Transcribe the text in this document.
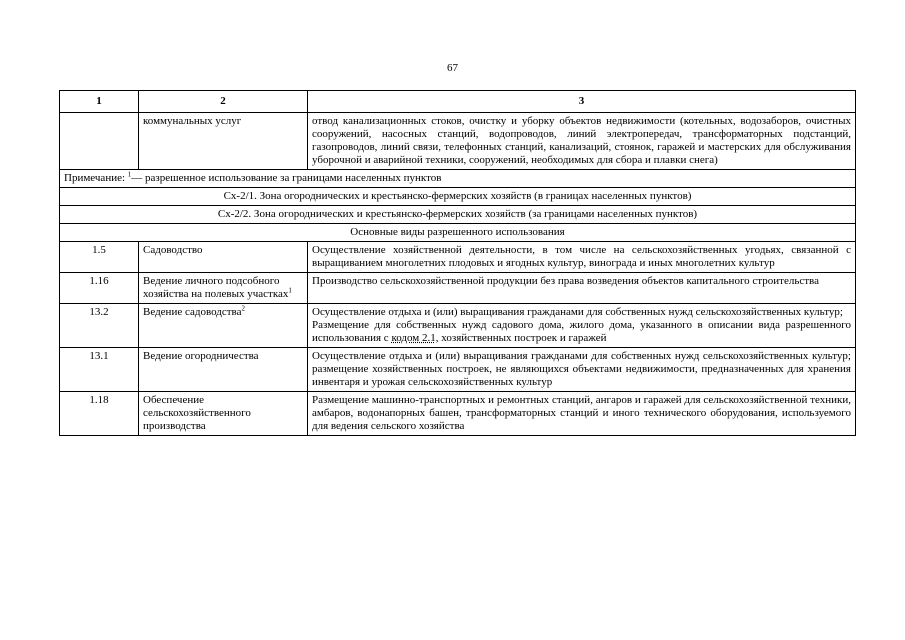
67
1	2	3
	коммунальных услуг	отвод канализационных стоков, очистку и уборку объектов недвижимости (котельных, водозаборов, очистных сооружений, насосных станций, водопроводов, линий электропередач, трансформаторных подстанций, газопроводов, линий связи, телефонных станций, канализаций, стоянок, гаражей и мастерских для обслуживания уборочной и аварийной техники, сооружений, необходимых для сбора и плавки снега)
Примечание: $^1$— разрешенное использование за границами населенных пунктов		
Сх-2/1. Зона огороднических и крестьянско-фермерских хозяйств (в границах населенных пунктов)		
Сх-2/2. Зона огороднических и крестьянско-фермерских хозяйств (за границами населенных пунктов)		
Основные виды разрешенного использования		
1.5	Садоводство	Осуществление хозяйственной деятельности, в том числе на сельскохозяйственных угодьях, связанной с выращиванием многолетних плодовых и ягодных культур, винограда и иных многолетних культур
1.16	Ведение личного подсобного хозяйства на полевых участках$^1$	Производство сельскохозяйственной продукции без права возведения объектов капитального строительства
13.2	Ведение садоводства$^2$	Осуществление отдыха и (или) выращивания гражданами для собственных нужд сельскохозяйственных культур;
Размещение для собственных нужд садового дома, жилого дома, указанного в описании вида разрешенного использования с кодом 2.1, хозяйственных построек и гаражей

13.1	Ведение огородничества	Осуществление отдыха и (или) выращивания гражданами для собственных нужд сельскохозяйственных культур; размещение хозяйственных построек, не являющихся объектами недвижимости, предназначенных для хранения инвентаря и урожая сельскохозяйственных культур
1.18	Обеспечение сельскохозяйственного производства	Размещение машинно-транспортных и ремонтных станций, ангаров и гаражей для сельскохозяйственной техники, амбаров, водонапорных башен, трансформаторных станций и иного технического оборудования, используемого для ведения сельского хозяйства
